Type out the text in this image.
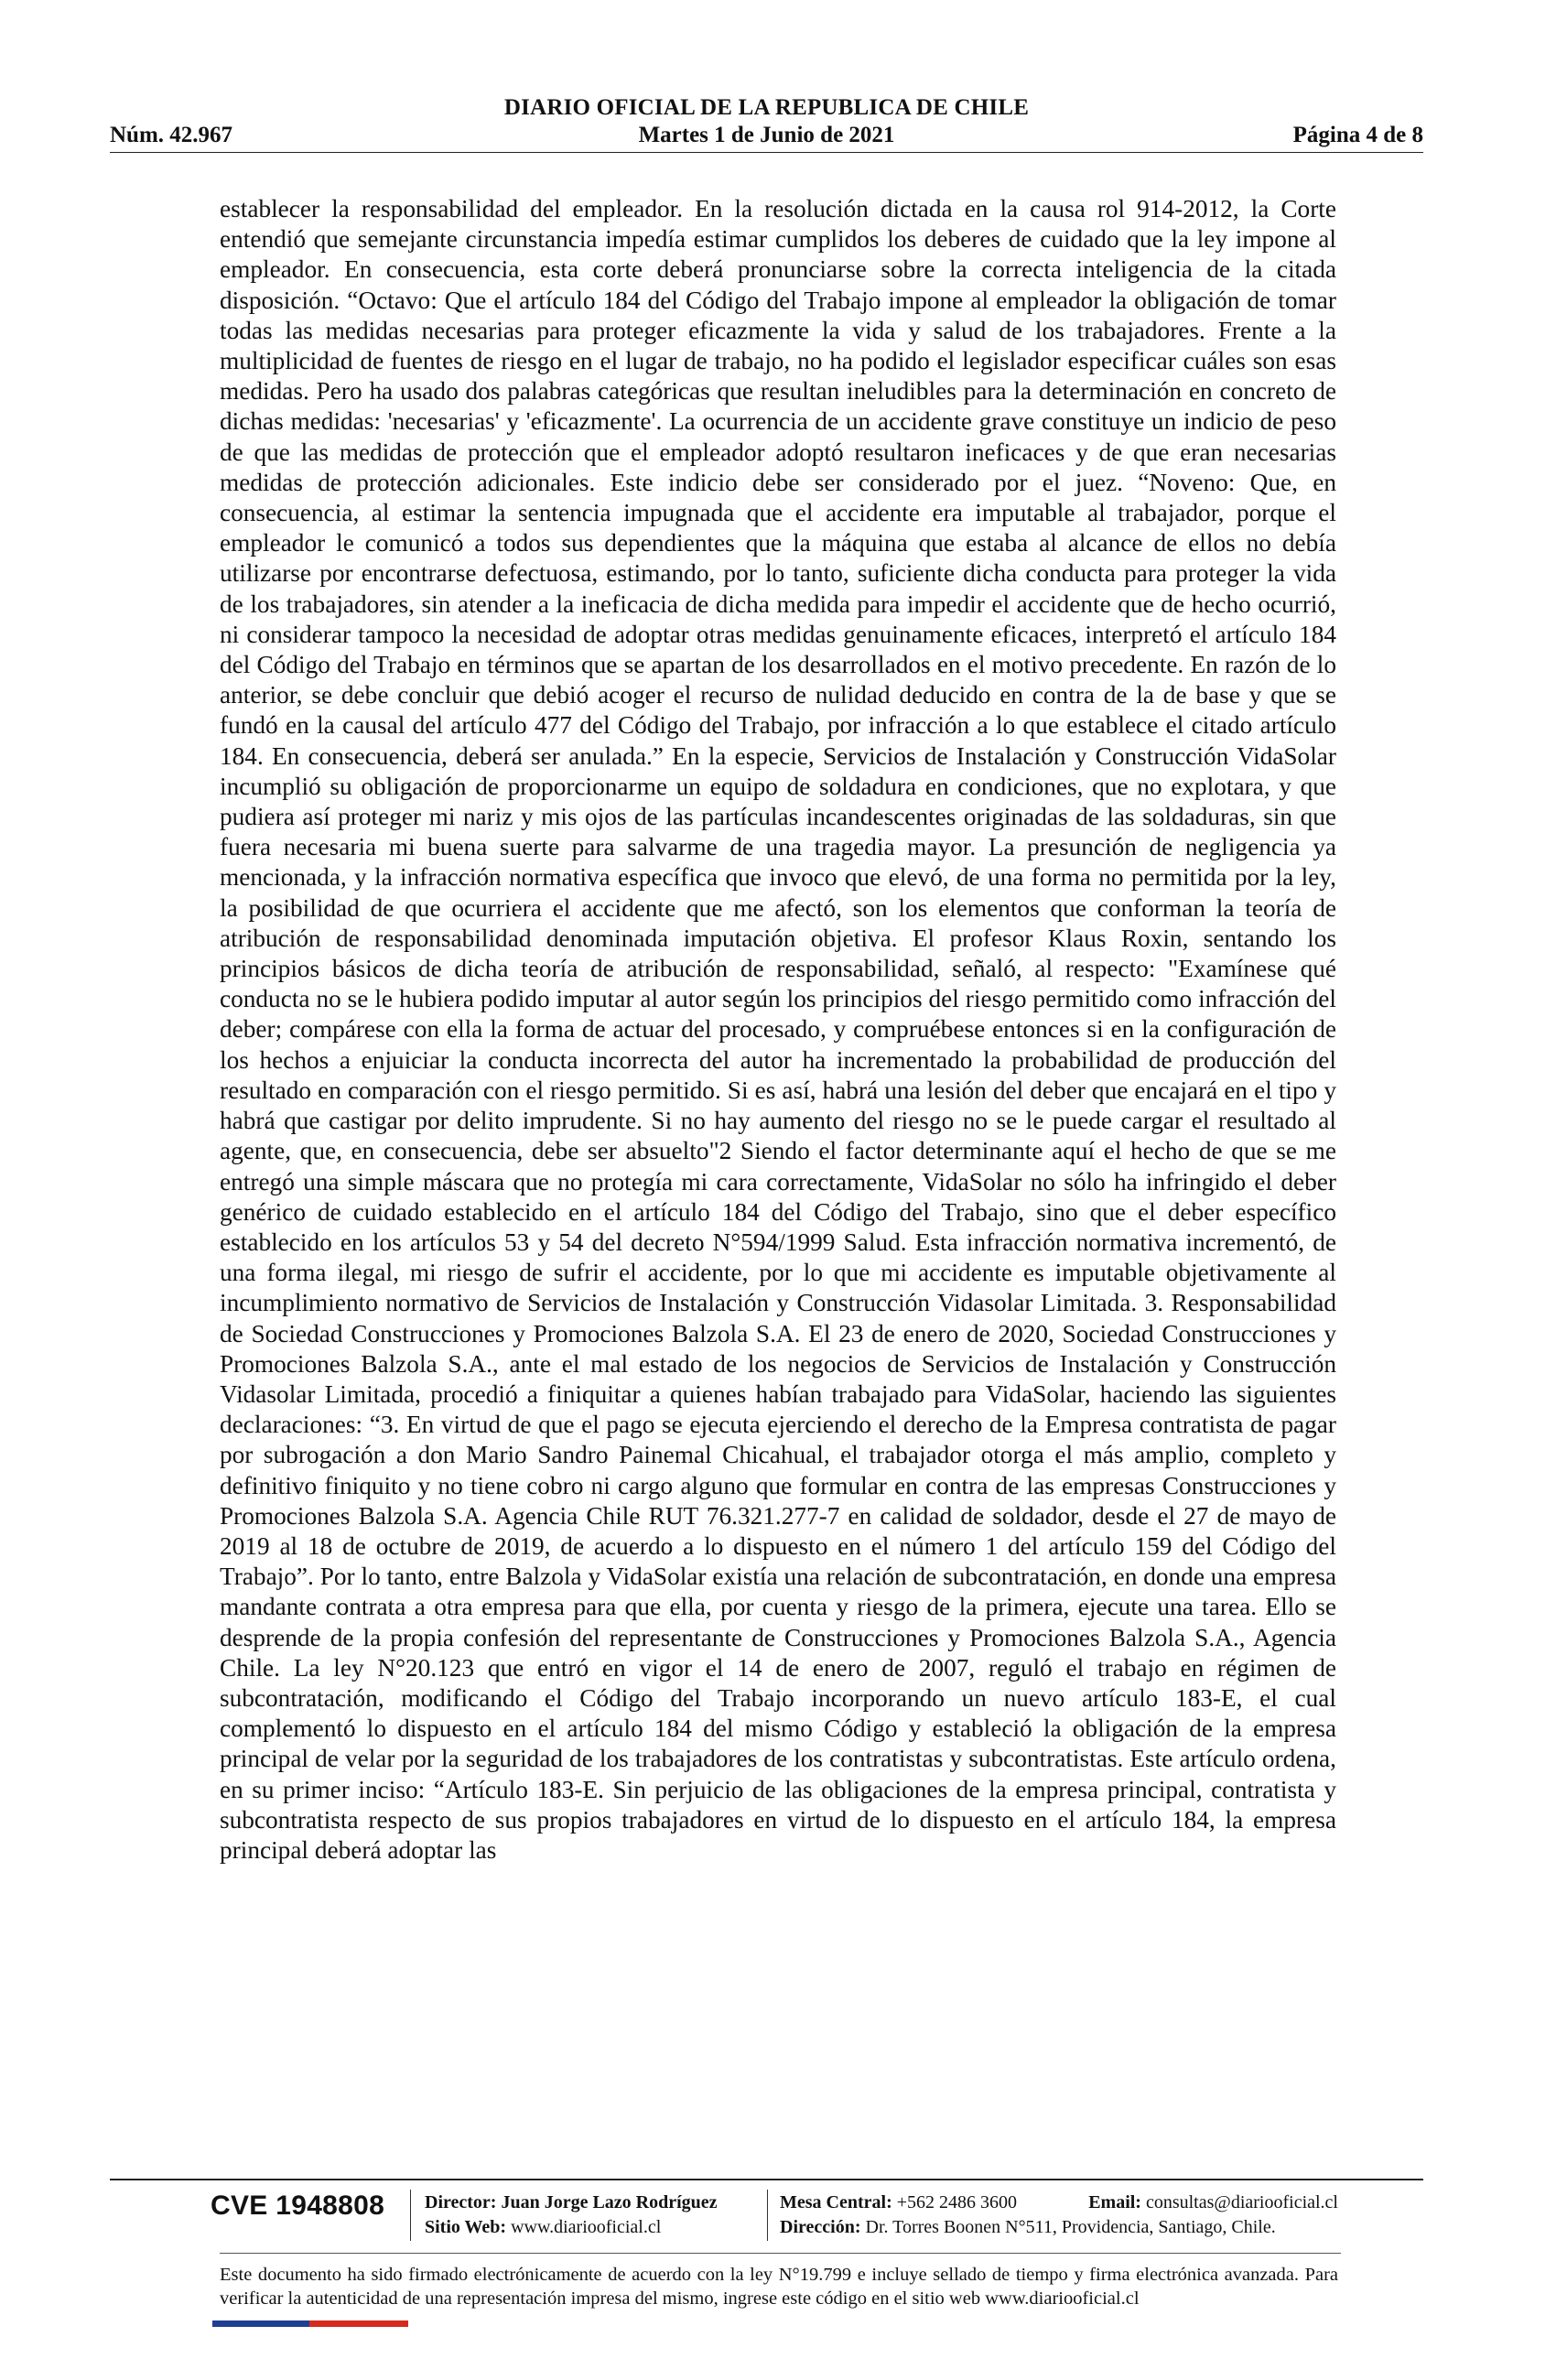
DIARIO OFICIAL DE LA REPUBLICA DE CHILE
Núm. 42.967	Martes 1 de Junio de 2021	Página 4 de 8
establecer la responsabilidad del empleador. En la resolución dictada en la causa rol 914-2012, la Corte entendió que semejante circunstancia impedía estimar cumplidos los deberes de cuidado que la ley impone al empleador. En consecuencia, esta corte deberá pronunciarse sobre la correcta inteligencia de la citada disposición. “Octavo: Que el artículo 184 del Código del Trabajo impone al empleador la obligación de tomar todas las medidas necesarias para proteger eficazmente la vida y salud de los trabajadores. Frente a la multiplicidad de fuentes de riesgo en el lugar de trabajo, no ha podido el legislador especificar cuáles son esas medidas. Pero ha usado dos palabras categóricas que resultan ineludibles para la determinación en concreto de dichas medidas: 'necesarias' y 'eficazmente'. La ocurrencia de un accidente grave constituye un indicio de peso de que las medidas de protección que el empleador adoptó resultaron ineficaces y de que eran necesarias medidas de protección adicionales. Este indicio debe ser considerado por el juez. “Noveno: Que, en consecuencia, al estimar la sentencia impugnada que el accidente era imputable al trabajador, porque el empleador le comunicó a todos sus dependientes que la máquina que estaba al alcance de ellos no debía utilizarse por encontrarse defectuosa, estimando, por lo tanto, suficiente dicha conducta para proteger la vida de los trabajadores, sin atender a la ineficacia de dicha medida para impedir el accidente que de hecho ocurrió, ni considerar tampoco la necesidad de adoptar otras medidas genuinamente eficaces, interpretó el artículo 184 del Código del Trabajo en términos que se apartan de los desarrollados en el motivo precedente. En razón de lo anterior, se debe concluir que debió acoger el recurso de nulidad deducido en contra de la de base y que se fundó en la causal del artículo 477 del Código del Trabajo, por infracción a lo que establece el citado artículo 184. En consecuencia, deberá ser anulada.” En la especie, Servicios de Instalación y Construcción VidaSolar incumplió su obligación de proporcionarme un equipo de soldadura en condiciones, que no explotara, y que pudiera así proteger mi nariz y mis ojos de las partículas incandescentes originadas de las soldaduras, sin que fuera necesaria mi buena suerte para salvarme de una tragedia mayor. La presunción de negligencia ya mencionada, y la infracción normativa específica que invoco que elevó, de una forma no permitida por la ley, la posibilidad de que ocurriera el accidente que me afectó, son los elementos que conforman la teoría de atribución de responsabilidad denominada imputación objetiva. El profesor Klaus Roxin, sentando los principios básicos de dicha teoría de atribución de responsabilidad, señaló, al respecto: "Examínese qué conducta no se le hubiera podido imputar al autor según los principios del riesgo permitido como infracción del deber; compárese con ella la forma de actuar del procesado, y compruébese entonces si en la configuración de los hechos a enjuiciar la conducta incorrecta del autor ha incrementado la probabilidad de producción del resultado en comparación con el riesgo permitido. Si es así, habrá una lesión del deber que encajará en el tipo y habrá que castigar por delito imprudente. Si no hay aumento del riesgo no se le puede cargar el resultado al agente, que, en consecuencia, debe ser absuelto"2 Siendo el factor determinante aquí el hecho de que se me entregó una simple máscara que no protegía mi cara correctamente, VidaSolar no sólo ha infringido el deber genérico de cuidado establecido en el artículo 184 del Código del Trabajo, sino que el deber específico establecido en los artículos 53 y 54 del decreto N°594/1999 Salud. Esta infracción normativa incrementó, de una forma ilegal, mi riesgo de sufrir el accidente, por lo que mi accidente es imputable objetivamente al incumplimiento normativo de Servicios de Instalación y Construcción Vidasolar Limitada. 3. Responsabilidad de Sociedad Construcciones y Promociones Balzola S.A. El 23 de enero de 2020, Sociedad Construcciones y Promociones Balzola S.A., ante el mal estado de los negocios de Servicios de Instalación y Construcción Vidasolar Limitada, procedió a finiquitar a quienes habían trabajado para VidaSolar, haciendo las siguientes declaraciones: “3. En virtud de que el pago se ejecuta ejerciendo el derecho de la Empresa contratista de pagar por subrogación a don Mario Sandro Painemal Chicahual, el trabajador otorga el más amplio, completo y definitivo finiquito y no tiene cobro ni cargo alguno que formular en contra de las empresas Construcciones y Promociones Balzola S.A. Agencia Chile RUT 76.321.277-7 en calidad de soldador, desde el 27 de mayo de 2019 al 18 de octubre de 2019, de acuerdo a lo dispuesto en el número 1 del artículo 159 del Código del Trabajo”. Por lo tanto, entre Balzola y VidaSolar existía una relación de subcontratación, en donde una empresa mandante contrata a otra empresa para que ella, por cuenta y riesgo de la primera, ejecute una tarea. Ello se desprende de la propia confesión del representante de Construcciones y Promociones Balzola S.A., Agencia Chile. La ley N°20.123 que entró en vigor el 14 de enero de 2007, reguló el trabajo en régimen de subcontratación, modificando el Código del Trabajo incorporando un nuevo artículo 183-E, el cual complementó lo dispuesto en el artículo 184 del mismo Código y estableció la obligación de la empresa principal de velar por la seguridad de los trabajadores de los contratistas y subcontratistas. Este artículo ordena, en su primer inciso: “Artículo 183-E. Sin perjuicio de las obligaciones de la empresa principal, contratista y subcontratista respecto de sus propios trabajadores en virtud de lo dispuesto en el artículo 184, la empresa principal deberá adoptar las
CVE 1948808 Director: Juan Jorge Lazo Rodríguez
Sitio Web: www.diariooficial.cl
Mesa Central: +562 2486 3600	Email: consultas@diariooficial.cl
Dirección: Dr. Torres Boonen N°511, Providencia, Santiago, Chile.
Este documento ha sido firmado electrónicamente de acuerdo con la ley N°19.799 e incluye sellado de tiempo y firma electrónica avanzada. Para verificar la autenticidad de una representación impresa del mismo, ingrese este código en el sitio web www.diariooficial.cl
